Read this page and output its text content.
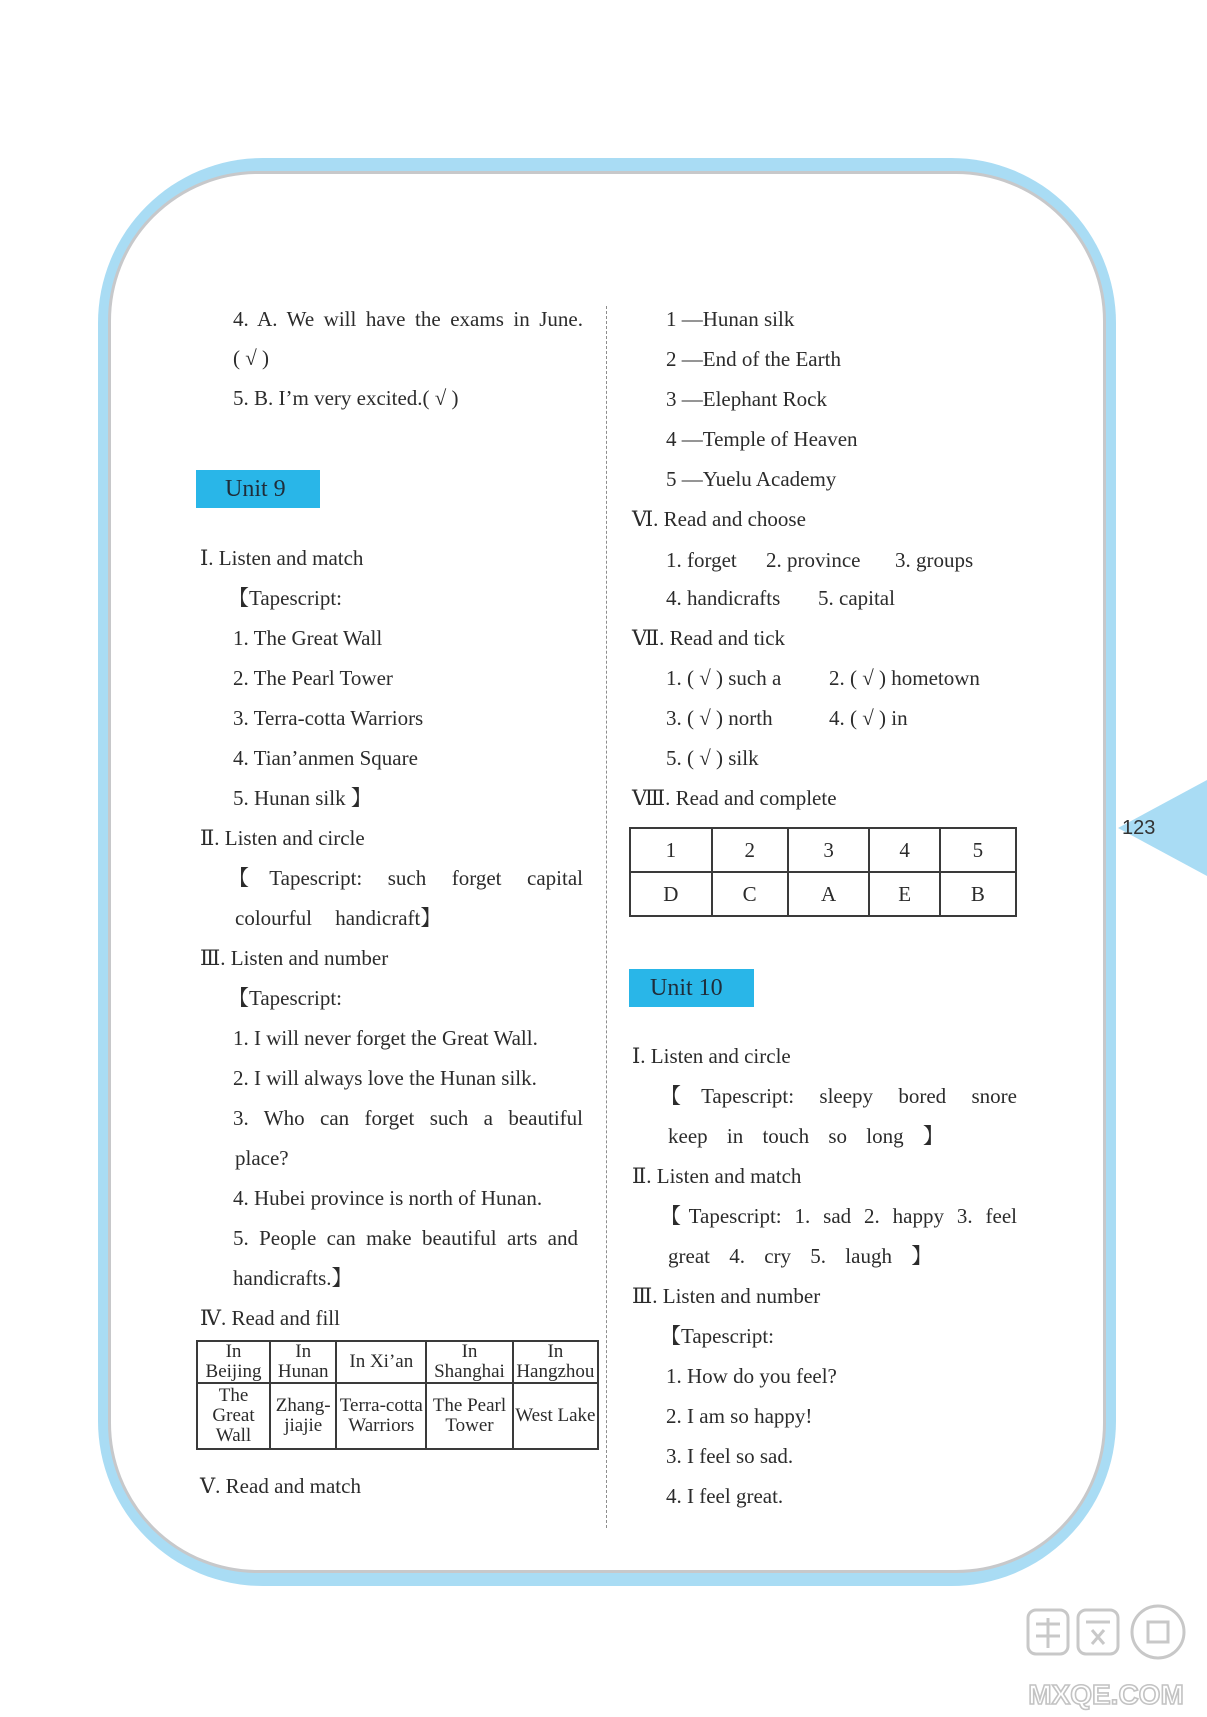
4. A. We will have the exams in June.
( √ )
5. B. I’m very excited.( √ )
Unit 9
Ⅰ. Listen and match
【Tapescript:
1. The Great Wall
2. The Pearl Tower
3. Terra-cotta Warriors
4. Tian’anmen Square
5. Hunan silk 】
Ⅱ. Listen and circle
【Tapescript: such forget capital
colourful handicraft】
Ⅲ. Listen and number
【Tapescript:
1. I will never forget the Great Wall.
2. I will always love the Hunan silk.
3. Who can forget such a beautiful
place?
4. Hubei province is north of Hunan.
5. People can make beautiful arts and
handicrafts.】
Ⅳ. Read and fill
In Beijing	In Hunan	In Xi’an	In Shanghai	In Hangzhou
The Great Wall	Zhang-jiajie	Terra-cotta Warriors	The Pearl Tower	West Lake
Ⅴ. Read and match
1 —Hunan silk
2 —End of the Earth
3 —Elephant Rock
4 —Temple of Heaven
5 —Yuelu Academy
Ⅵ. Read and choose
1. forget 2. province 3. groups
4. handicrafts 5. capital
Ⅶ. Read and tick
1. ( √ ) such a 2. ( √ ) hometown
3. ( √ ) north	4. ( √ ) in
5. ( √ ) silk
Ⅷ. Read and complete
1	2	3	4	5
D	C	A	E	B
Unit 10
Ⅰ. Listen and circle
【Tapescript: sleepy bored snore
keep in touch so long 】
Ⅱ. Listen and match
【Tapescript: 1. sad 2. happy 3. feel
great 4. cry 5. laugh 】
Ⅲ. Listen and number
【Tapescript:
1. How do you feel?
2. I am so happy!
3. I feel so sad.
4. I feel great.
123
MXQE.COM
